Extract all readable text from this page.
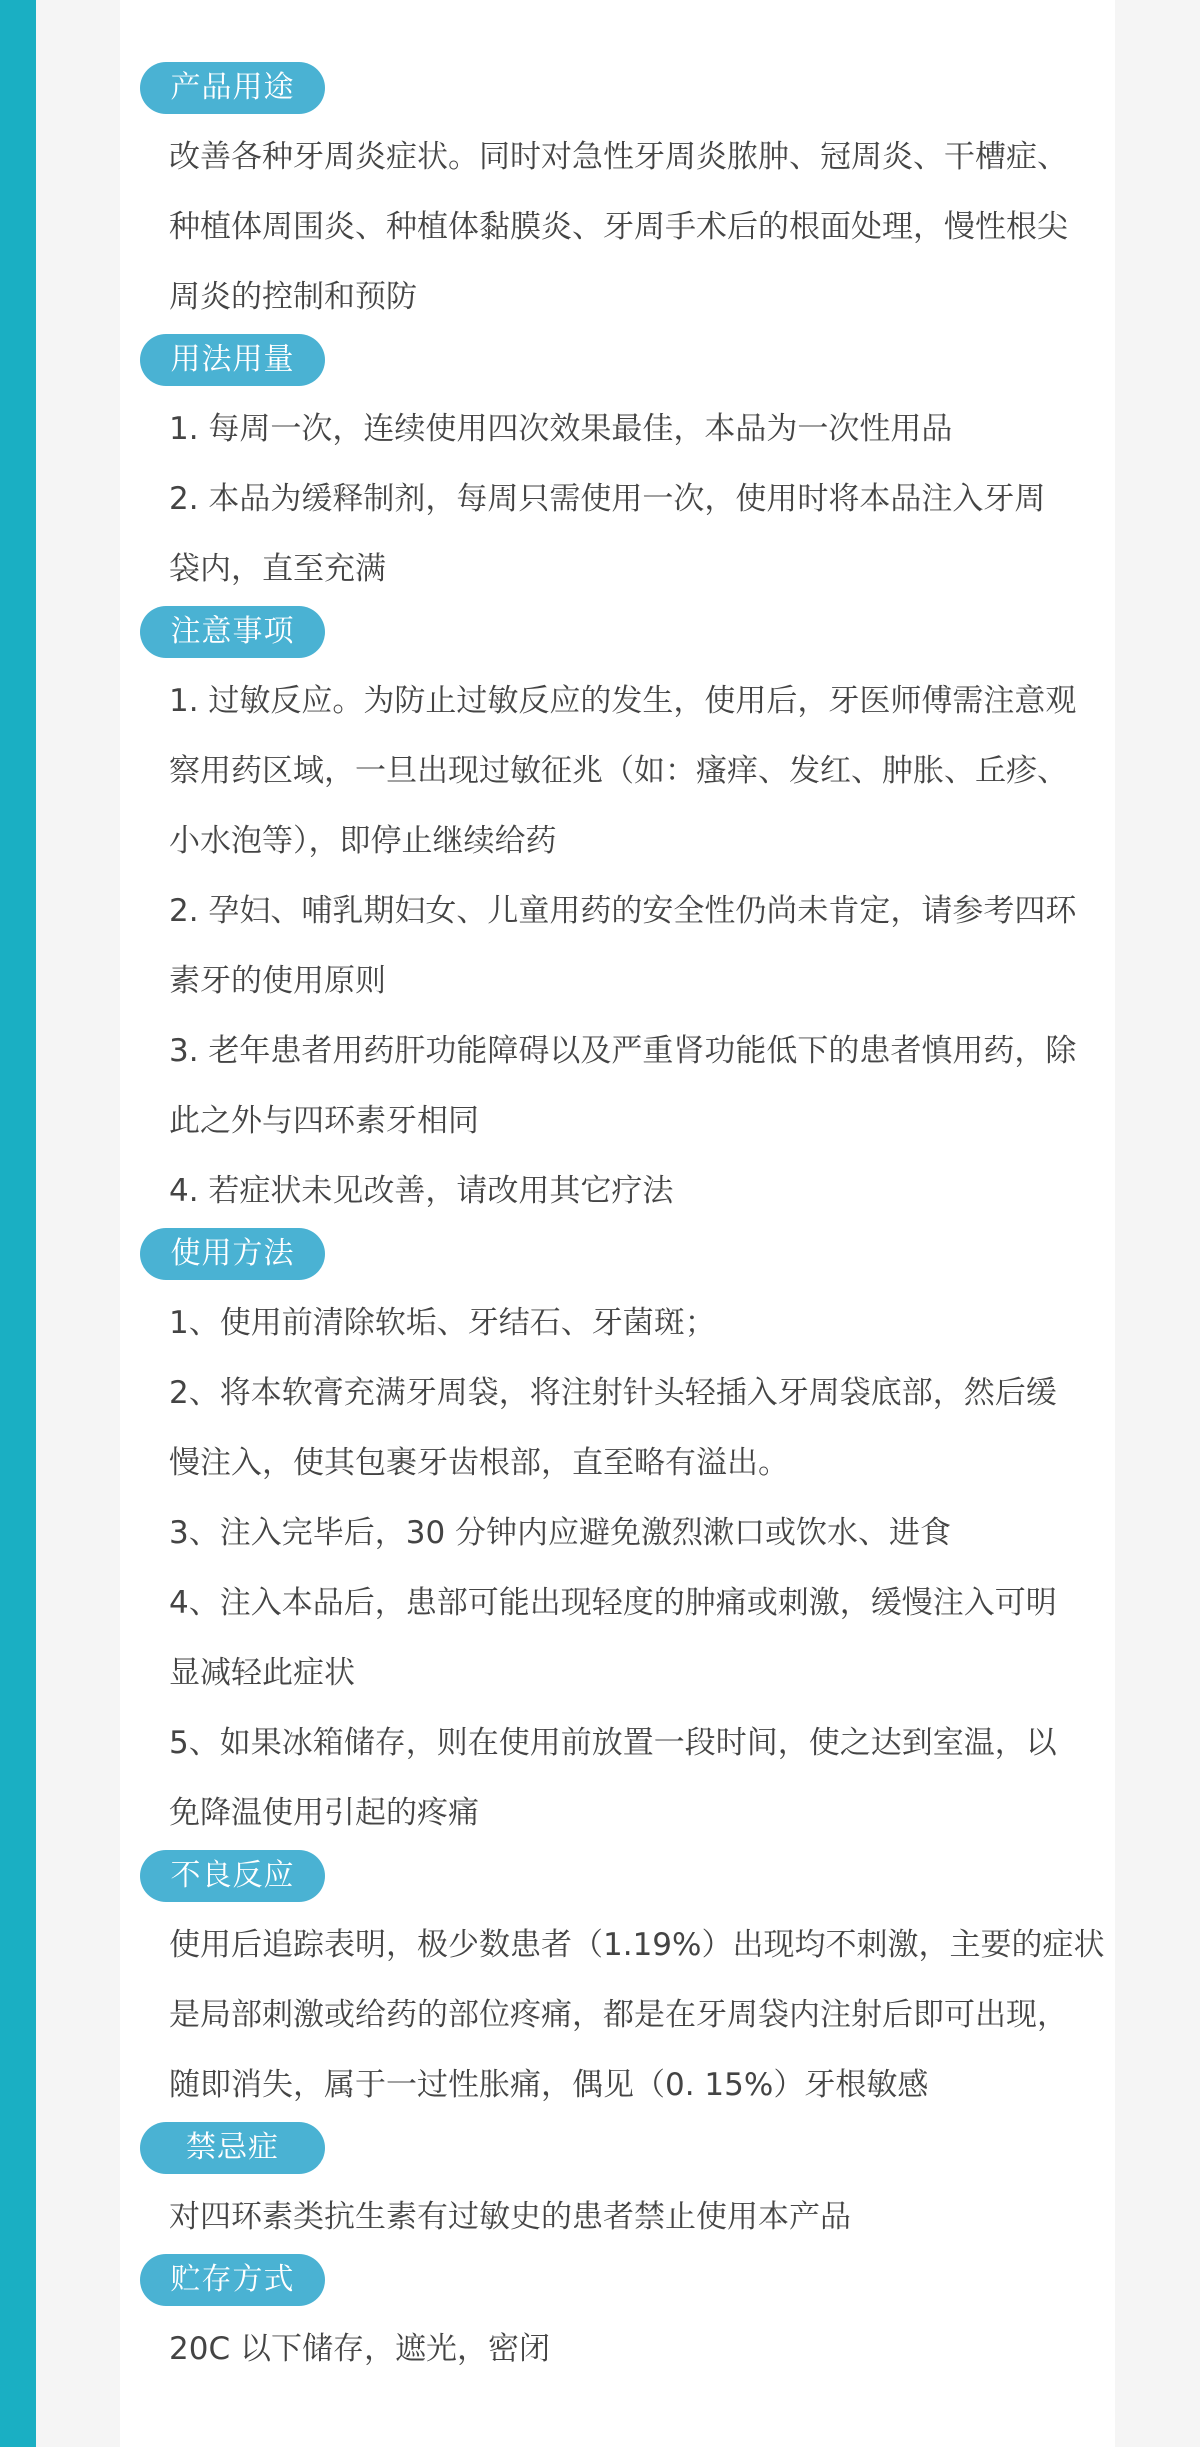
产品用途
改善各种牙周炎症状。同时对急性牙周炎脓肿、冠周炎、干槽症、
种植体周围炎、种植体黏膜炎、牙周手术后的根面处理，慢性根尖
周炎的控制和预防
用法用量
1. 每周一次，连续使用四次效果最佳，本品为一次性用品
2. 本品为缓释制剂，每周只需使用一次，使用时将本品注入牙周
袋内，直至充满
注意事项
1. 过敏反应。为防止过敏反应的发生，使用后，牙医师傅需注意观
察用药区域，一旦出现过敏征兆（如：瘙痒、发红、肿胀、丘疹、
小水泡等），即停止继续给药
2. 孕妇、哺乳期妇女、儿童用药的安全性仍尚未肯定，请参考四环
素牙的使用原则
3. 老年患者用药肝功能障碍以及严重肾功能低下的患者慎用药，除
此之外与四环素牙相同
4. 若症状未见改善，请改用其它疗法
使用方法
1、使用前清除软垢、牙结石、牙菌斑；
2、将本软膏充满牙周袋，将注射针头轻插入牙周袋底部，然后缓
慢注入，使其包裹牙齿根部，直至略有溢出。
3、注入完毕后，30 分钟内应避免激烈漱口或饮水、进食
4、注入本品后，患部可能出现轻度的肿痛或刺激，缓慢注入可明
显减轻此症状
5、如果冰箱储存，则在使用前放置一段时间，使之达到室温，以
免降温使用引起的疼痛
不良反应
使用后追踪表明，极少数患者（1.19%）出现均不刺激，主要的症状
是局部刺激或给药的部位疼痛，都是在牙周袋内注射后即可出现，
随即消失，属于一过性胀痛，偶见（0. 15%）牙根敏感
禁忌症
对四环素类抗生素有过敏史的患者禁止使用本产品
贮存方式
20C 以下储存，遮光，密闭
